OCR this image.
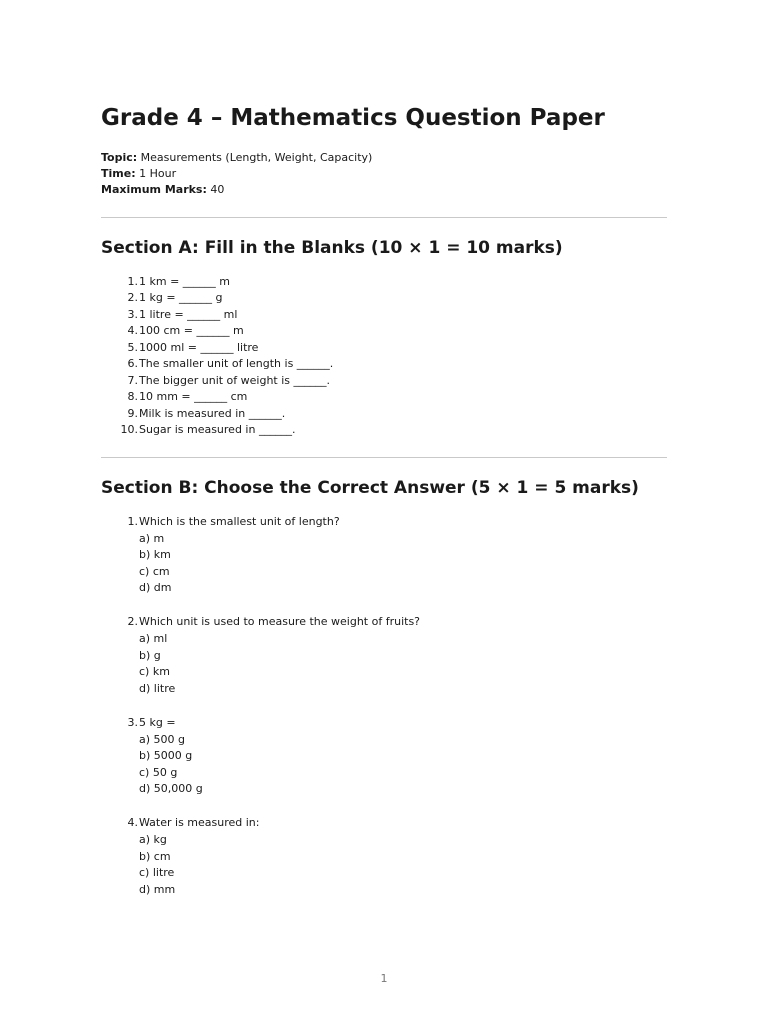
Grade 4 – Mathematics Question Paper
Topic: Measurements (Length, Weight, Capacity)
Time: 1 Hour
Maximum Marks: 40
Section A: Fill in the Blanks (10 × 1 = 10 marks)
1. 1 km = ______ m
2. 1 kg = ______ g
3. 1 litre = ______ ml
4. 100 cm = ______ m
5. 1000 ml = ______ litre
6. The smaller unit of length is ______.
7. The bigger unit of weight is ______.
8. 10 mm = ______ cm
9. Milk is measured in ______.
10. Sugar is measured in ______.
Section B: Choose the Correct Answer (5 × 1 = 5 marks)
1. Which is the smallest unit of length?
a) m
b) km
c) cm
d) dm
2. Which unit is used to measure the weight of fruits?
a) ml
b) g
c) km
d) litre
3. 5 kg =
a) 500 g
b) 5000 g
c) 50 g
d) 50,000 g
4. Water is measured in:
a) kg
b) cm
c) litre
d) mm
1
